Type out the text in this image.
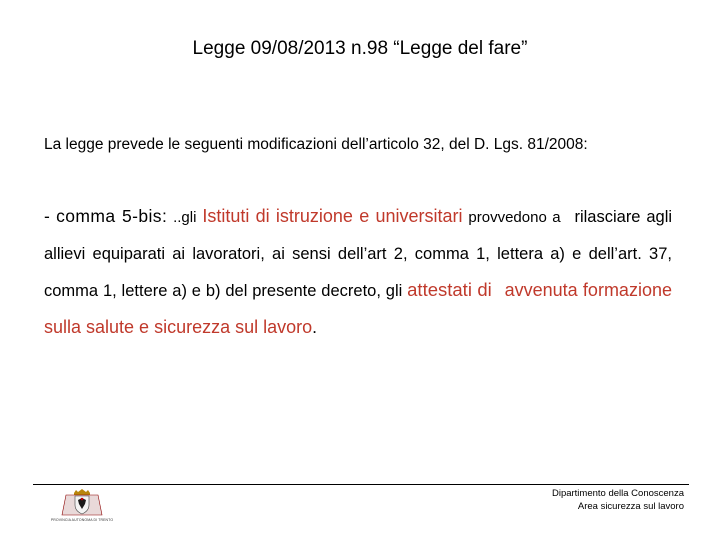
Legge 09/08/2013 n.98 “Legge del fare”
La legge prevede le seguenti modificazioni dell’articolo 32, del D. Lgs. 81/2008:
- comma 5-bis: ..gli Istituti di istruzione e universitari provvedono a rilasciare agli allievi equiparati ai lavoratori, ai sensi dell’art 2, comma 1, lettera a) e dell’art. 37, comma 1, lettere a) e b) del presente decreto, gli attestati di avvenuta formazione sulla salute e sicurezza sul lavoro.
PROVINCIA AUTONOMA DI TRENTO
Dipartimento della Conoscenza
Area sicurezza sul lavoro
